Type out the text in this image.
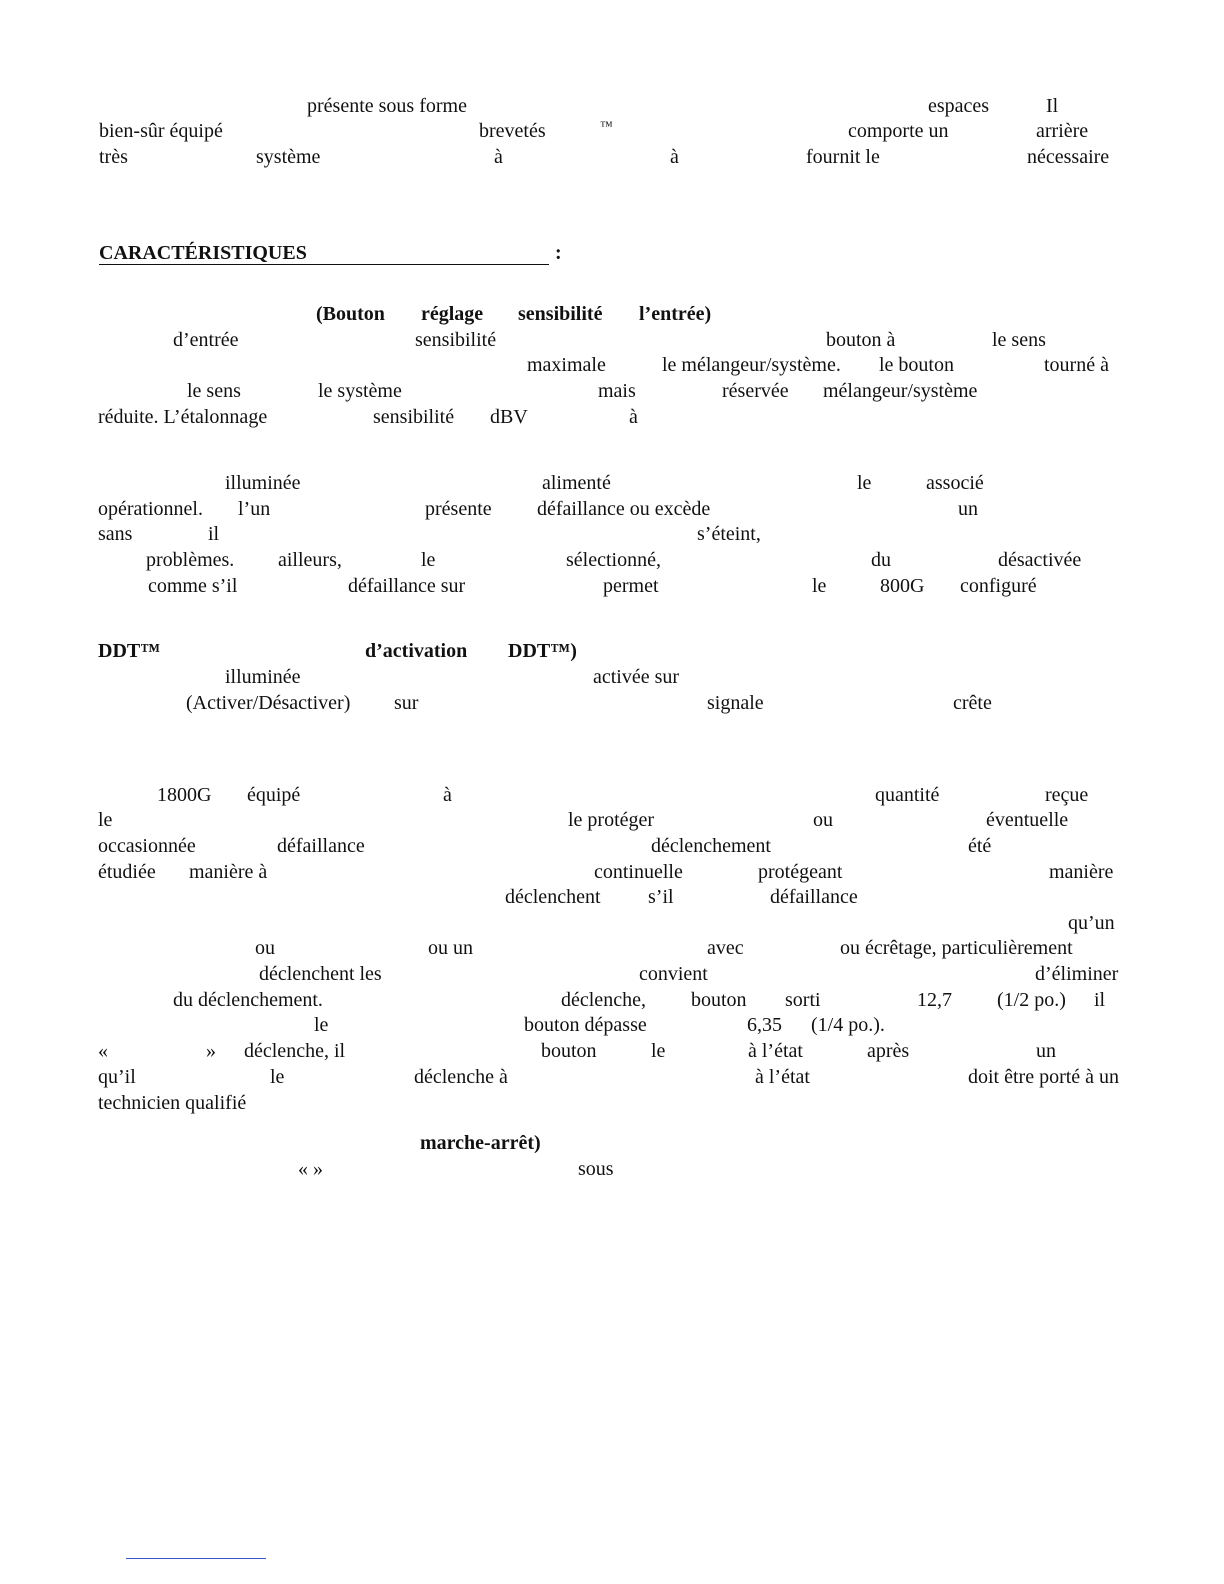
présente sous forme	espaces	Il
bien-sûr équipé	brevetés	™	comporte un	arrière
très	système	à	à	fournit le	nécessaire
CARACTÉRISTIQUES	:
(Bouton réglage sensibilité l’entrée)
d’entrée	sensibilité	bouton à	le sens
maximale	le mélangeur/système. le bouton	tourné à
le sens	le système	mais	réservée mélangeur/système
réduite. L’étalonnage	sensibilité dBV	à
illuminée	alimenté	le	associé
opérationnel. l’un	présente défaillance ou excède	un
sans	il	s’éteint,
problèmes. ailleurs,	le	sélectionné,	du	désactivée
comme s’il	défaillance sur	permet	le	800G configuré
DDT™	d’activation DDT™)
illuminée	activée sur
(Activer/Désactiver) sur	signale	crête
1800G équipé	à	quantité	reçue
le	le protéger	ou	éventuelle
occasionnée	défaillance	déclenchement	été
étudiée manière à	continuelle	protégeant	manière
déclenchent s’il	défaillance
qu’un
ou	ou un	avec	ou écrêtage, particulièrement
déclenchent les	convient	d’éliminer
du déclenchement.	déclenche, bouton sorti	12,7 (1/2 po.) il
le	bouton dépasse	6,35 (1/4 po.).
«	» déclenche, il	bouton	le	à l’état	après	un
qu’il	le	déclenche à	à l’état	doit être porté à un
technicien qualifié
marche-arrêt)
« »	sous
